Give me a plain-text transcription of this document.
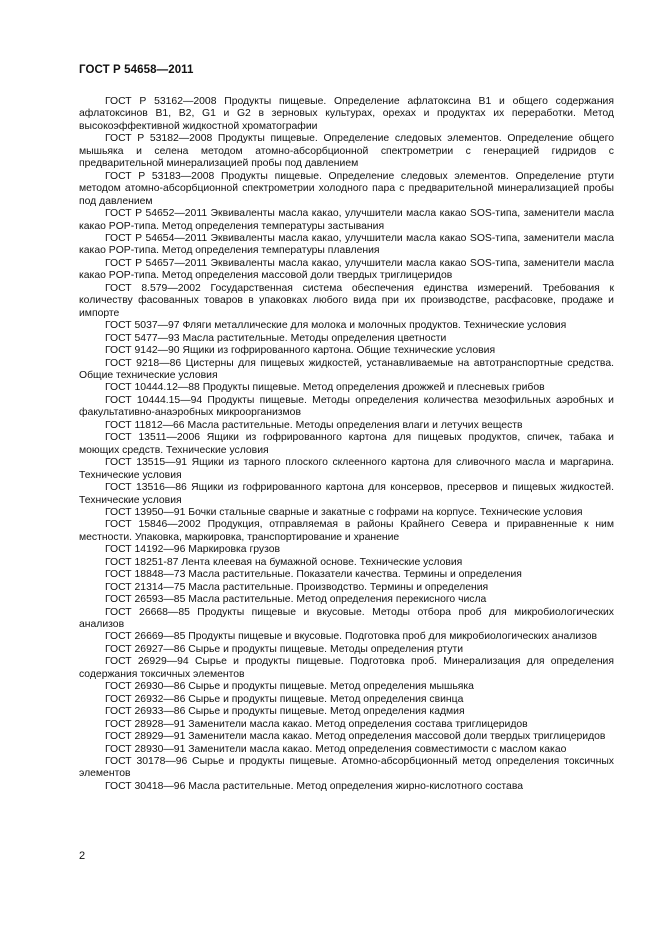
ГОСТ Р 54658—2011

ГОСТ Р 53162—2008 Продукты пищевые. Определение афлатоксина B1 и общего содержания афлатоксинов B1, B2, G1 и G2 в зерновых культурах, орехах и продуктах их переработки. Метод высокоэффективной жидкостной хроматографии

ГОСТ Р 53182—2008 Продукты пищевые. Определение следовых элементов. Определение общего мышьяка и селена методом атомно-абсорбционной спектрометрии с генерацией гидридов с предварительной минерализацией пробы под давлением

ГОСТ Р 53183—2008 Продукты пищевые. Определение следовых элементов. Определение ртути методом атомно-абсорбционной спектрометрии холодного пара с предварительной минерализацией пробы под давлением

ГОСТ Р 54652—2011 Эквиваленты масла какао, улучшители масла какао SOS-типа, заменители масла какао POP-типа. Метод определения температуры застывания

ГОСТ Р 54654—2011 Эквиваленты масла какао, улучшители масла какао SOS-типа, заменители масла какао POP-типа. Метод определения температуры плавления

ГОСТ Р 54657—2011 Эквиваленты масла какао, улучшители масла какао SOS-типа, заменители масла какао POP-типа. Метод определения массовой доли твердых триглицеридов

ГОСТ 8.579—2002 Государственная система обеспечения единства измерений. Требования к количеству фасованных товаров в упаковках любого вида при их производстве, расфасовке, продаже и импорте

ГОСТ 5037—97 Фляги металлические для молока и молочных продуктов. Технические условия

ГОСТ 5477—93 Масла растительные. Методы определения цветности

ГОСТ 9142—90 Ящики из гофрированного картона. Общие технические условия

ГОСТ 9218—86 Цистерны для пищевых жидкостей, устанавливаемые на автотранспортные средства. Общие технические условия

ГОСТ 10444.12—88 Продукты пищевые. Метод определения дрожжей и плесневых грибов

ГОСТ 10444.15—94 Продукты пищевые. Методы определения количества мезофильных аэробных и факультативно-анаэробных микроорганизмов

ГОСТ 11812—66 Масла растительные. Методы определения влаги и летучих веществ

ГОСТ 13511—2006 Ящики из гофрированного картона для пищевых продуктов, спичек, табака и моющих средств. Технические условия

ГОСТ 13515—91 Ящики из тарного плоского склеенного картона для сливочного масла и маргарина. Технические условия

ГОСТ 13516—86 Ящики из гофрированного картона для консервов, пресервов и пищевых жидкостей. Технические условия

ГОСТ 13950—91 Бочки стальные сварные и закатные с гофрами на корпусе. Технические условия

ГОСТ 15846—2002 Продукция, отправляемая в районы Крайнего Севера и приравненные к ним местности. Упаковка, маркировка, транспортирование и хранение

ГОСТ 14192—96 Маркировка грузов

ГОСТ 18251-87 Лента клеевая на бумажной основе. Технические условия

ГОСТ 18848—73 Масла растительные. Показатели качества. Термины и определения

ГОСТ 21314—75 Масла растительные. Производство. Термины и определения

ГОСТ 26593—85 Масла растительные. Метод определения перекисного числа

ГОСТ 26668—85 Продукты пищевые и вкусовые. Методы отбора проб для микробиологических анализов

ГОСТ 26669—85 Продукты пищевые и вкусовые. Подготовка проб для микробиологических анализов

ГОСТ 26927—86 Сырье и продукты пищевые. Методы определения ртути

ГОСТ 26929—94 Сырье и продукты пищевые. Подготовка проб. Минерализация для определения содержания токсичных элементов

ГОСТ 26930—86 Сырье и продукты пищевые. Метод определения мышьяка

ГОСТ 26932—86 Сырье и продукты пищевые. Метод определения свинца

ГОСТ 26933—86 Сырье и продукты пищевые. Метод определения кадмия

ГОСТ 28928—91 Заменители масла какао. Метод определения состава триглицеридов

ГОСТ 28929—91 Заменители масла какао. Метод определения массовой доли твердых триглицеридов

ГОСТ 28930—91 Заменители масла какао. Метод определения совместимости с маслом какао

ГОСТ 30178—96 Сырье и продукты пищевые. Атомно-абсорбционный метод определения токсичных элементов

ГОСТ 30418—96 Масла растительные. Метод определения жирно-кислотного состава

2
